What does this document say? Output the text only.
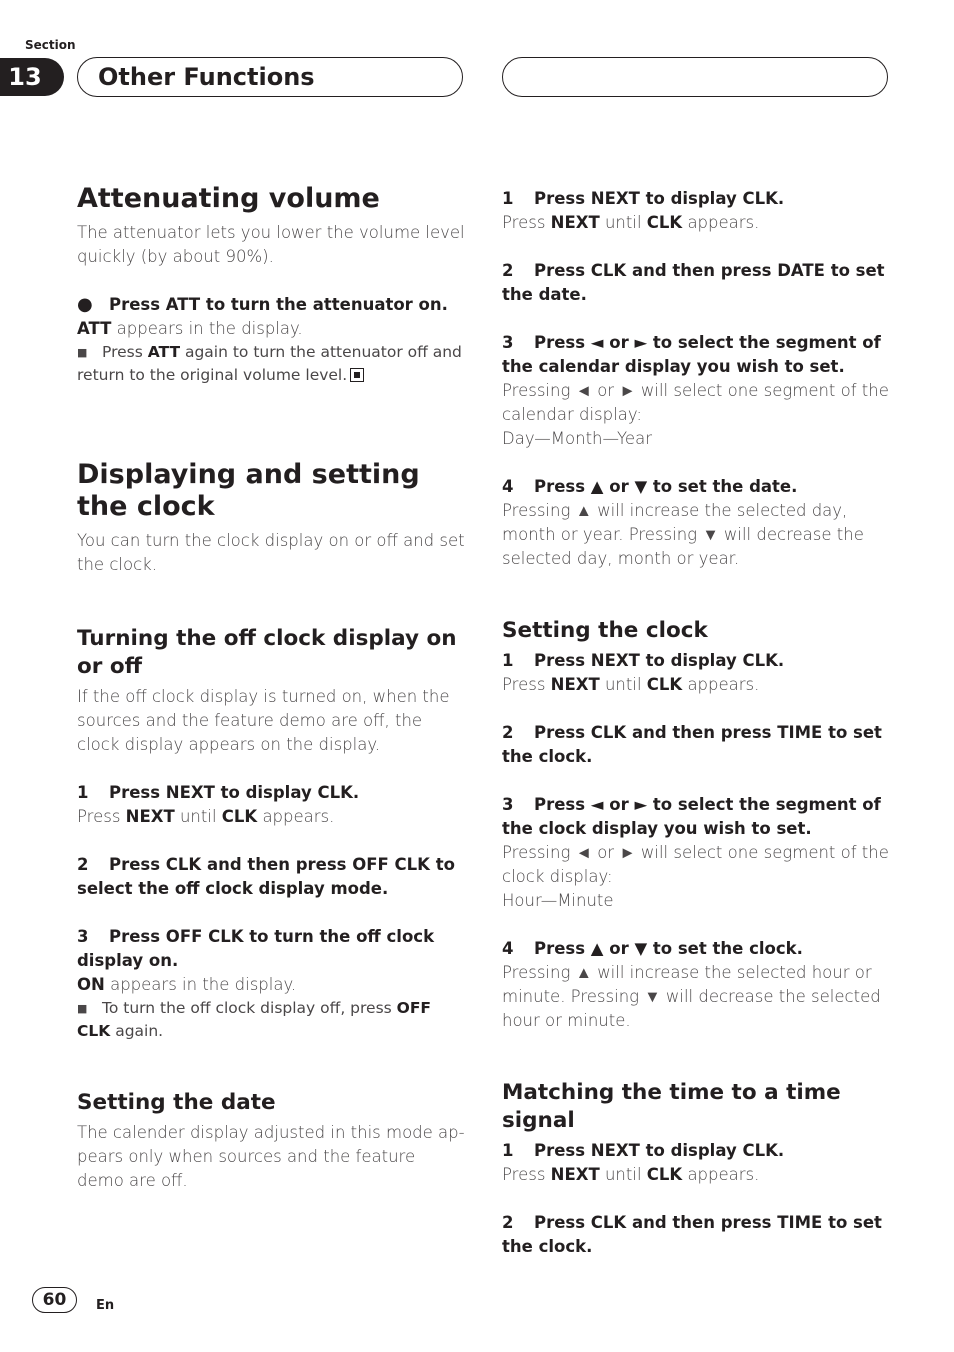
Section
13	Other Functions
Attenuating volume
The attenuator lets you lower the volume level quickly (by about 90%).
● Press ATT to turn the attenuator on.
ATT appears in the display.
■ Press ATT again to turn the attenuator off and return to the original volume level.
Displaying and setting the clock
You can turn the clock display on or off and set the clock.
Turning the off clock display on or off
If the off clock display is turned on, when the sources and the feature demo are off, the clock display appears on the display.
1 Press NEXT to display CLK.
Press NEXT until CLK appears.
2 Press CLK and then press OFF CLK to select the off clock display mode.
3 Press OFF CLK to turn the off clock display on.
ON appears in the display.
■ To turn the off clock display off, press OFF CLK again.
Setting the date
The calender display adjusted in this mode appears only when sources and the feature demo are off.
1 Press NEXT to display CLK.
Press NEXT until CLK appears.
2 Press CLK and then press DATE to set the date.
3 Press ◄ or ► to select the segment of the calendar display you wish to set.
Pressing ◄ or ► will select one segment of the calendar display:
Day—Month—Year
4 Press ▲ or ▼ to set the date.
Pressing ▲ will increase the selected day, month or year. Pressing ▼ will decrease the selected day, month or year.
Setting the clock
1 Press NEXT to display CLK.
Press NEXT until CLK appears.
2 Press CLK and then press TIME to set the clock.
3 Press ◄ or ► to select the segment of the clock display you wish to set.
Pressing ◄ or ► will select one segment of the clock display:
Hour—Minute
4 Press ▲ or ▼ to set the clock.
Pressing ▲ will increase the selected hour or minute. Pressing ▼ will decrease the selected hour or minute.
Matching the time to a time signal
1 Press NEXT to display CLK.
Press NEXT until CLK appears.
2 Press CLK and then press TIME to set the clock.
60	En
